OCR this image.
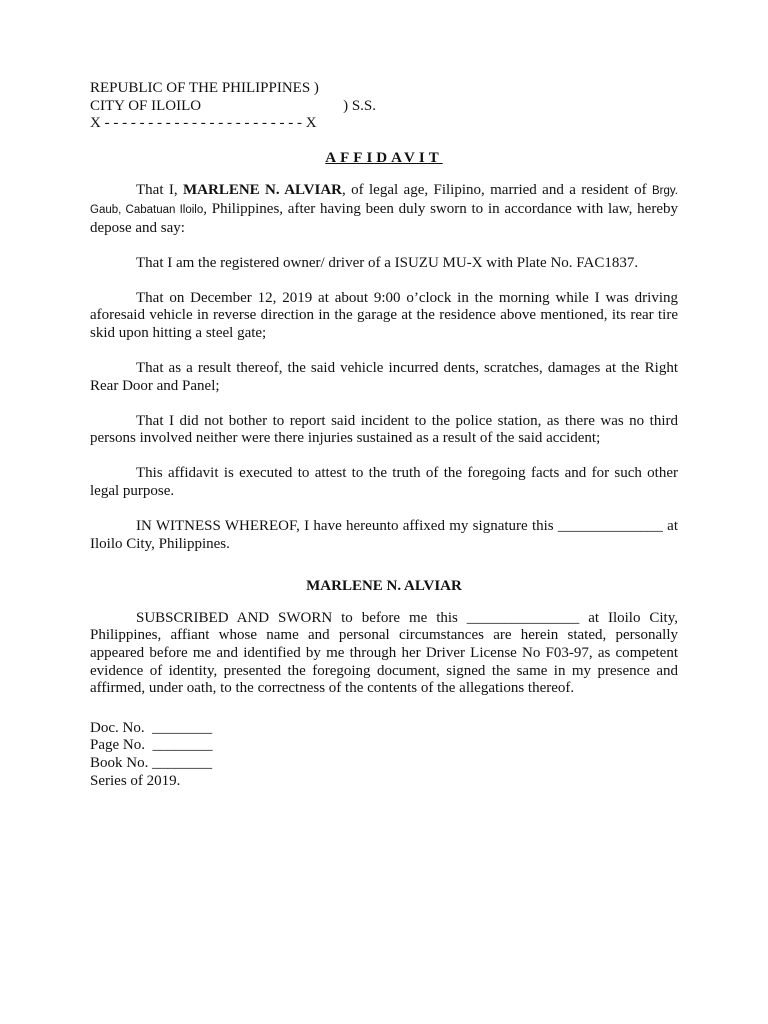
REPUBLIC OF THE PHILIPPINES )
CITY OF ILOILO	) S.S.
X - - - - - - - - - - - - - - - - - - - - - - - X
AFFIDAVIT

That I, MARLENE N. ALVIAR, of legal age, Filipino, married and a resident of Brgy. Gaub, Cabatuan Iloilo, Philippines, after having been duly sworn to in accordance with law, hereby depose and say:

That I am the registered owner/ driver of a ISUZU MU-X with Plate No. FAC1837.

That on December 12, 2019 at about 9:00 o’clock in the morning while I was driving aforesaid vehicle in reverse direction in the garage at the residence above mentioned, its rear tire skid upon hitting a steel gate;

That as a result thereof, the said vehicle incurred dents, scratches, damages at the Right Rear Door and Panel;

That I did not bother to report said incident to the police station, as there was no third persons involved neither were there injuries sustained as a result of the said accident;

This affidavit is executed to attest to the truth of the foregoing facts and for such other legal purpose.

IN WITNESS WHEREOF, I have hereunto affixed my signature this ______________ at Iloilo City, Philippines.

MARLENE N. ALVIAR

SUBSCRIBED AND SWORN to before me this _______________ at Iloilo City, Philippines, affiant whose name and personal circumstances are herein stated, personally appeared before me and identified by me through her Driver License No F03-97, as competent evidence of identity, presented the foregoing document, signed the same in my presence and affirmed, under oath, to the correctness of the contents of the allegations thereof.

Doc. No.  ________
Page No.  ________
Book No. ________
Series of 2019.
